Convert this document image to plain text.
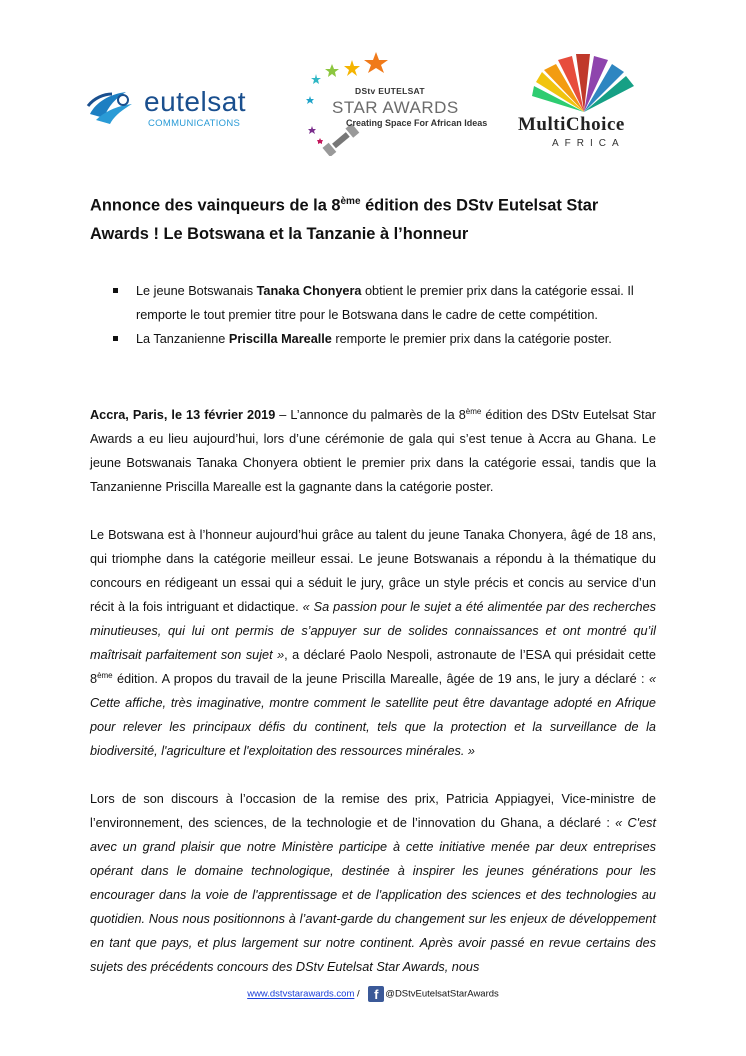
eutelsat
COMMUNICATIONS
DStv EUTELSAT
STAR AWARDS
Creating Space For African Ideas MultiChoice
AFRICA
Annonce des vainqueurs de la 8ème édition des DStv Eutelsat Star
Awards ! Le Botswana et la Tanzanie à l’honneur
Le jeune Botswanais Tanaka Chonyera obtient le premier prix dans la catégorie essai. Il remporte le tout premier titre pour le Botswana dans le cadre de cette compétition.
La Tanzanienne Priscilla Marealle remporte le premier prix dans la catégorie poster.
Accra, Paris, le 13 février 2019 – L’annonce du palmarès de la 8ème édition des DStv Eutelsat Star Awards a eu lieu aujourd’hui, lors d’une cérémonie de gala qui s’est tenue à Accra au Ghana. Le jeune Botswanais Tanaka Chonyera obtient le premier prix dans la catégorie essai, tandis que la Tanzanienne Priscilla Marealle est la gagnante dans la catégorie poster.
Le Botswana est à l’honneur aujourd’hui grâce au talent du jeune Tanaka Chonyera, âgé de 18 ans, qui triomphe dans la catégorie meilleur essai. Le jeune Botswanais a répondu à la thématique du concours en rédigeant un essai qui a séduit le jury, grâce un style précis et concis au service d’un récit à la fois intriguant et didactique. « Sa passion pour le sujet a été alimentée par des recherches minutieuses, qui lui ont permis de s’appuyer sur de solides connaissances et ont montré qu’il maîtrisait parfaitement son sujet », a déclaré Paolo Nespoli, astronaute de l’ESA qui présidait cette 8ème édition. A propos du travail de la jeune Priscilla Marealle, âgée de 19 ans, le jury a déclaré : « Cette affiche, très imaginative, montre comment le satellite peut être davantage adopté en Afrique pour relever les principaux défis du continent, tels que la protection et la surveillance de la biodiversité, l'agriculture et l'exploitation des ressources minérales. »
Lors de son discours à l’occasion de la remise des prix, Patricia Appiagyei, Vice-ministre de l’environnement, des sciences, de la technologie et de l’innovation du Ghana, a déclaré : « C'est avec un grand plaisir que notre Ministère participe à cette initiative menée par deux entreprises opérant dans le domaine technologique, destinée à inspirer les jeunes générations pour les encourager dans la voie de l'apprentissage et de l'application des sciences et des technologies au quotidien. Nous nous positionnons à l’avant-garde du changement sur les enjeux de développement en tant que pays, et plus largement sur notre continent. Après avoir passé en revue certains des sujets des précédents concours des DStv Eutelsat Star Awards, nous
www.dstvstarawards.com / f @DStvEutelsatStarAwards
